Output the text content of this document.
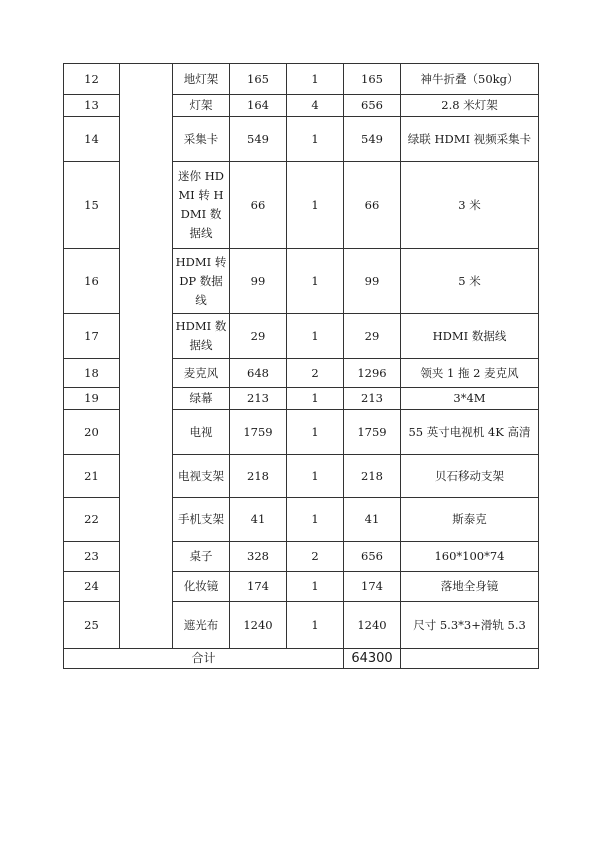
12		地灯架	165	1	165	神牛折叠（50kg）
13		灯架	164	4	656	2.8 米灯架
14		采集卡	549	1	549	绿联 HDMI 视频采集卡
15		迷你 HDMI 转 HDMI 数据线	66	1	66	3 米
16		HDMI 转 DP 数据线	99	1	99	5 米
17		HDMI 数据线	29	1	29	HDMI 数据线
18		麦克风	648	2	1296	领夹 1 拖 2 麦克风
19		绿幕	213	1	213	3*4M
20		电视	1759	1	1759	55 英寸电视机 4K 高清
21		电视支架	218	1	218	贝石移动支架
22		手机支架	41	1	41	斯泰克
23		桌子	328	2	656	160*100*74
24		化妆镜	174	1	174	落地全身镜
25		遮光布	1240	1	1240	尺寸 5.3*3+滑轨 5.3
合计					64300	
